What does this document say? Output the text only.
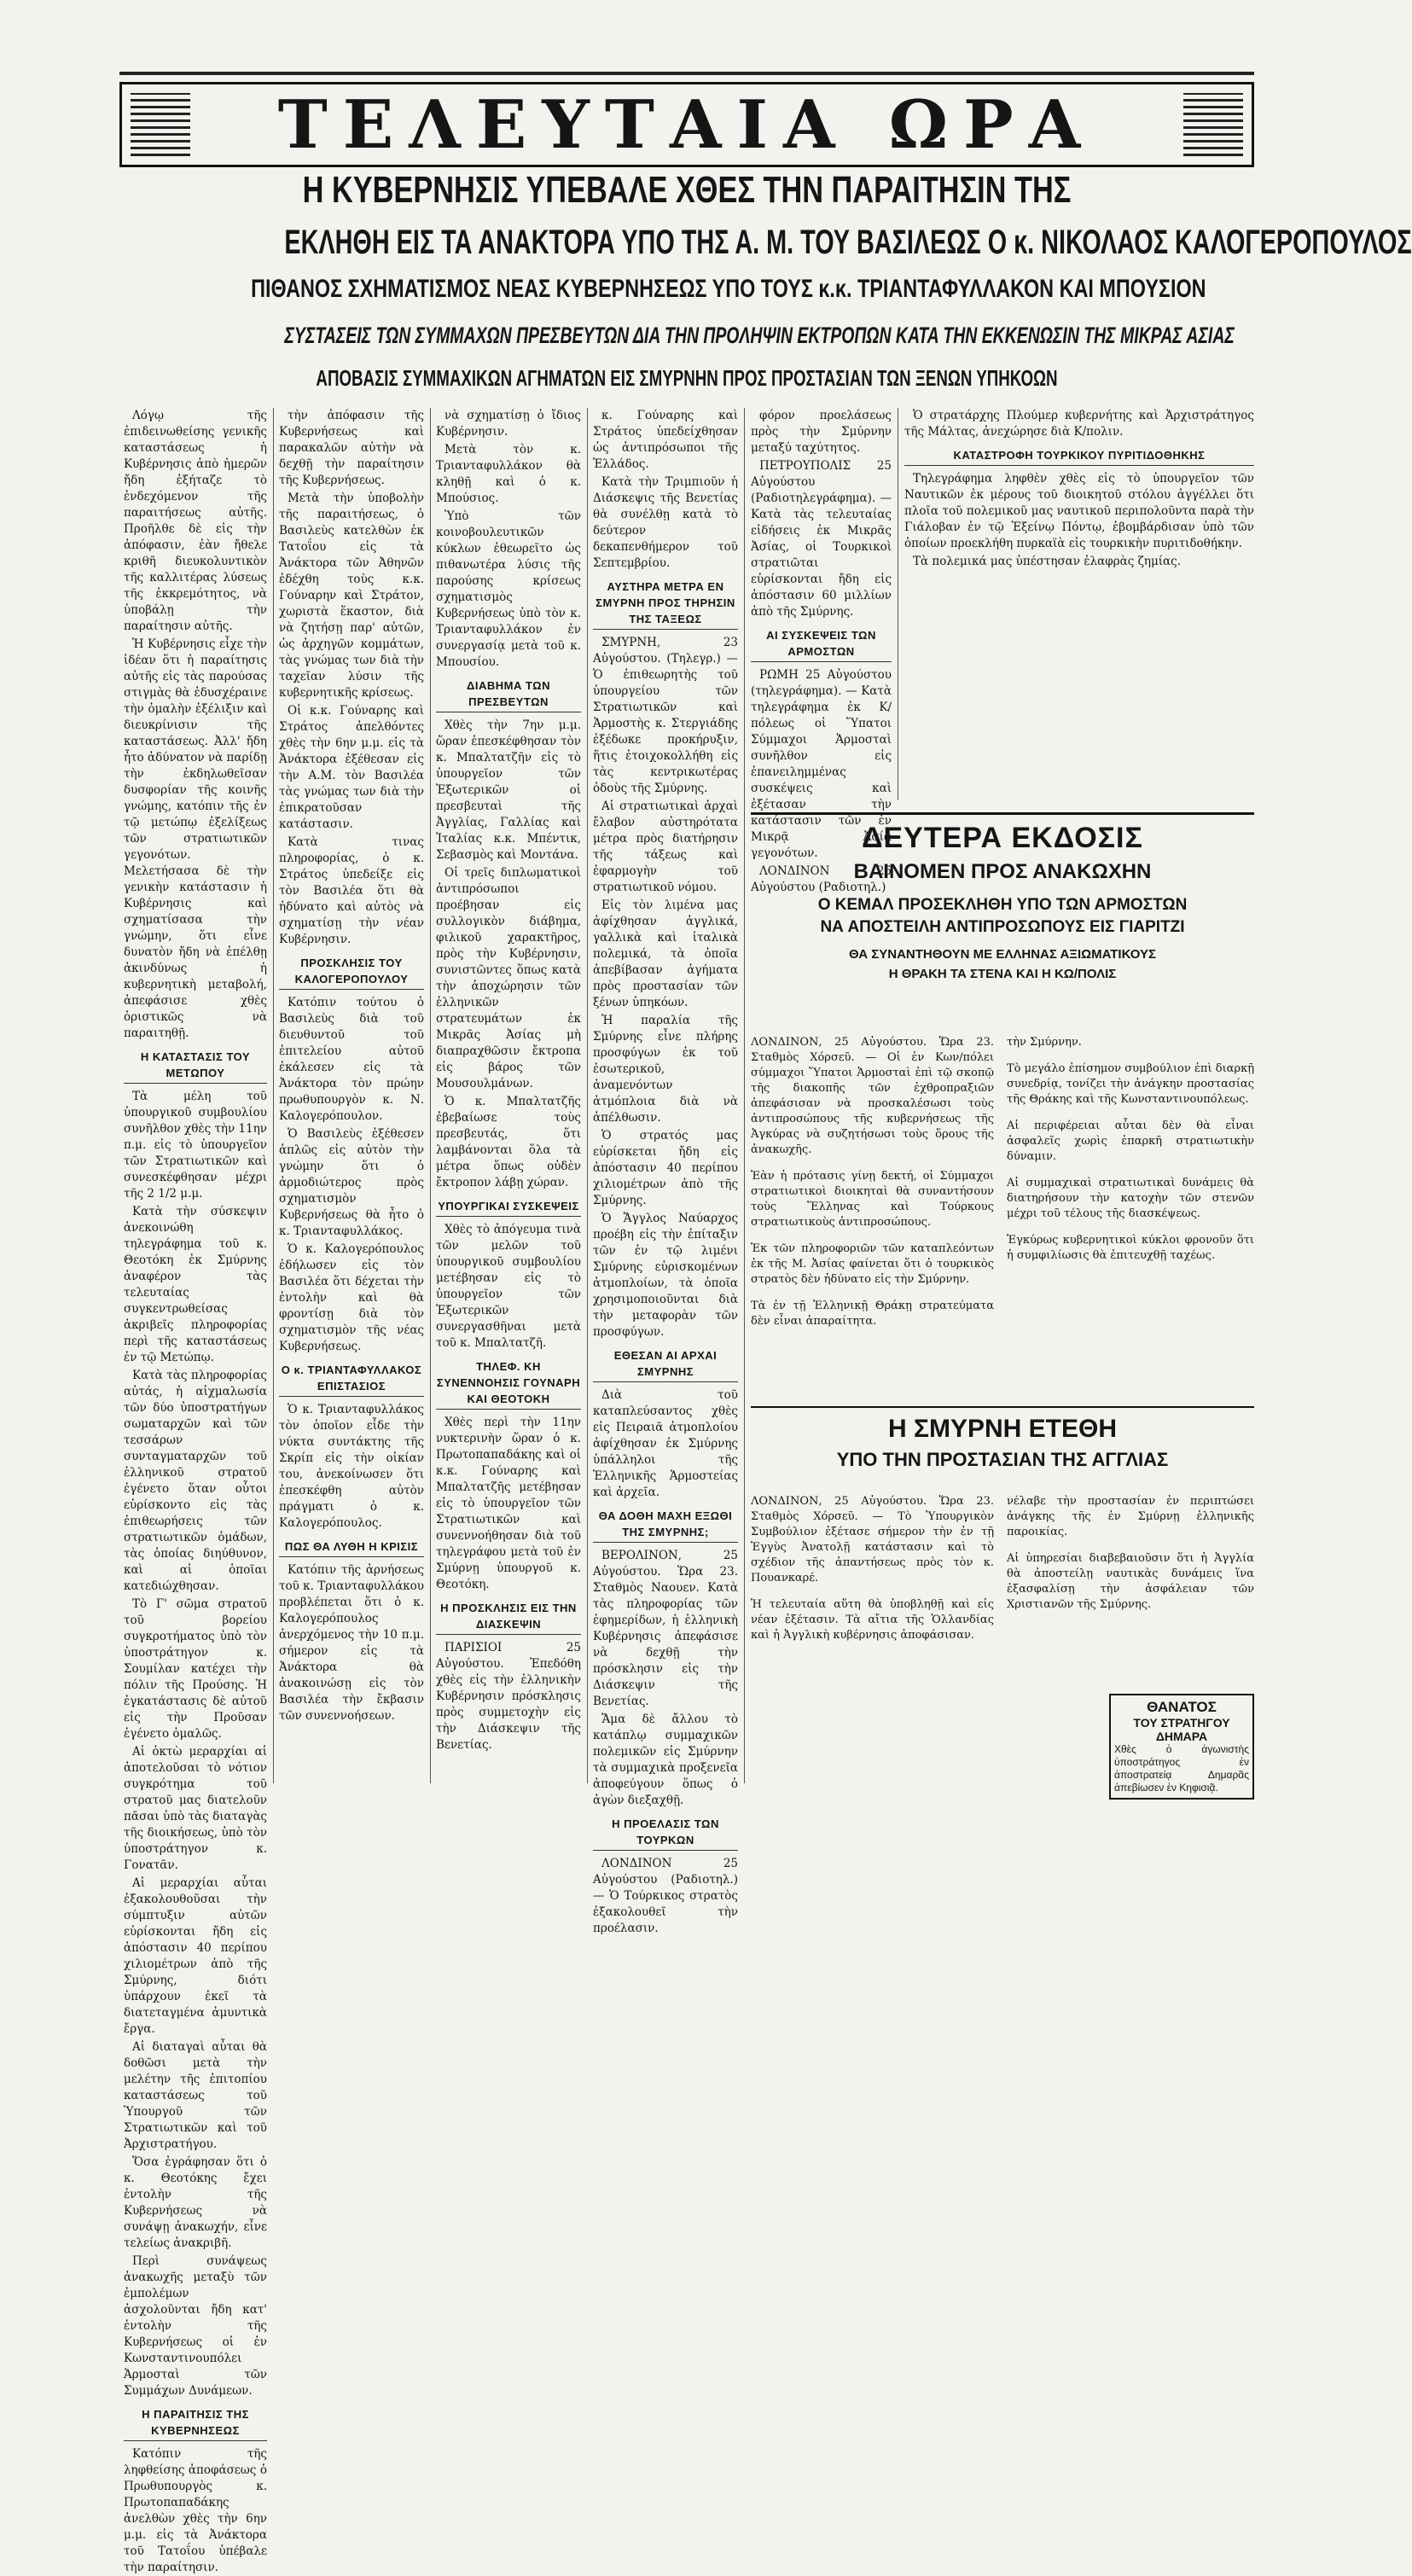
ΤΕΛΕΥΤΑΙΑ ΩΡΑ
Η ΚΥΒΕΡΝΗΣΙΣ ΥΠΕΒΑΛΕ ΧΘΕΣ ΤΗΝ ΠΑΡΑΙΤΗΣΙΝ ΤΗΣ
ΕΚΛΗΘΗ ΕΙΣ ΤΑ ΑΝΑΚΤΟΡΑ ΥΠΟ ΤΗΣ Α. Μ. ΤΟΥ ΒΑΣΙΛΕΩΣ Ο κ. ΝΙΚΟΛΑΟΣ ΚΑΛΟΓΕΡΟΠΟΥΛΟΣ
ΠΙΘΑΝΟΣ ΣΧΗΜΑΤΙΣΜΟΣ ΝΕΑΣ ΚΥΒΕΡΝΗΣΕΩΣ ΥΠΟ ΤΟΥΣ κ.κ. ΤΡΙΑΝΤΑΦΥΛΛΑΚΟΝ ΚΑΙ ΜΠΟΥΣΙΟΝ
ΣΥΣΤΑΣΕΙΣ ΤΩΝ ΣΥΜΜΑΧΩΝ ΠΡΕΣΒΕΥΤΩΝ ΔΙΑ ΤΗΝ ΠΡΟΛΗΨΙΝ ΕΚΤΡΟΠΩΝ ΚΑΤΑ ΤΗΝ ΕΚΚΕΝΩΣΙΝ ΤΗΣ ΜΙΚΡΑΣ ΑΣΙΑΣ
ΑΠΟΒΑΣΙΣ ΣΥΜΜΑΧΙΚΩΝ ΑΓΗΜΑΤΩΝ ΕΙΣ ΣΜΥΡΝΗΝ ΠΡΟΣ ΠΡΟΣΤΑΣΙΑΝ ΤΩΝ ΞΕΝΩΝ ΥΠΗΚΟΩΝ

Λόγῳ τῆς ἐπιδεινωθείσης γενικῆς καταστάσεως ἡ Κυβέρνησις ἀπὸ ἡμερῶν ἤδη ἐξήταζε τὸ ἐνδεχόμενον τῆς παραιτήσεως αὐτῆς. Προῆλθε δὲ εἰς τὴν ἀπόφασιν, ἐὰν ἤθελε κριθῆ διευκολυντικὸν τῆς καλλιτέρας λύσεως τῆς ἐκκρεμότητος, νὰ ὑποβάλῃ τὴν παραίτησιν αὐτῆς.

Ἡ Κυβέρνησις εἶχε τὴν ἰδέαν ὅτι ἡ παραίτησις αὐτῆς εἰς τὰς παρούσας στιγμὰς θὰ ἐδυσχέραινε τὴν ὁμαλὴν ἐξέλιξιν καὶ διευκρίνισιν τῆς καταστάσεως. Ἀλλ' ἤδη ἦτο ἀδύνατον νὰ παρίδῃ τὴν ἐκδηλωθεῖσαν δυσφορίαν τῆς κοινῆς γνώμης, κατόπιν τῆς ἐν τῷ μετώπῳ ἐξελίξεως τῶν στρατιωτικῶν γεγονότων. Μελετήσασα δὲ τὴν γενικὴν κατάστασιν ἡ Κυβέρνησις καὶ σχηματίσασα τὴν γνώμην, ὅτι εἶνε δυνατὸν ἤδη νὰ ἐπέλθῃ ἀκινδύνως ἡ κυβερνητικὴ μεταβολή, ἀπεφάσισε χθὲς ὁριστικῶς νὰ παραιτηθῇ.

Η ΚΑΤΑΣΤΑΣΙΣ ΤΟΥ ΜΕΤΩΠΟΥ

Τὰ μέλη τοῦ ὑπουργικοῦ συμβουλίου συνῆλθον χθὲς τὴν 11ην π.μ. εἰς τὸ ὑπουργεῖον τῶν Στρατιωτικῶν καὶ συνεσκέφθησαν μέχρι τῆς 2 1/2 μ.μ.

Κατὰ τὴν σύσκεψιν ἀνεκοινώθη τηλεγράφημα τοῦ κ. Θεοτόκη ἐκ Σμύρνης ἀναφέρον τὰς τελευταίας συγκεντρωθείσας ἀκριβεῖς πληροφορίας περὶ τῆς καταστάσεως ἐν τῷ Μετώπῳ.

Κατὰ τὰς πληροφορίας αὐτάς, ἡ αἰχμαλωσία τῶν δύο ὑποστρατήγων σωματαρχῶν καὶ τῶν τεσσάρων συνταγματαρχῶν τοῦ ἑλληνικοῦ στρατοῦ ἐγένετο ὅταν οὗτοι εὑρίσκοντο εἰς τὰς ἐπιθεωρήσεις τῶν στρατιωτικῶν ὁμάδων, τὰς ὁποίας διηύθυνον, καὶ αἱ ὁποῖαι κατεδιώχθησαν.

Τὸ Γ' σῶμα στρατοῦ τοῦ βορείου συγκροτήματος ὑπὸ τὸν ὑποστράτηγον κ. Σουμίλαν κατέχει τὴν πόλιν τῆς Προύσης. Ἡ ἐγκατάστασις δὲ αὐτοῦ εἰς τὴν Προῦσαν ἐγένετο ὁμαλῶς.

Αἱ ὀκτὼ μεραρχίαι αἱ ἀποτελοῦσαι τὸ νότιον συγκρότημα τοῦ στρατοῦ μας διατελοῦν πᾶσαι ὑπὸ τὰς διαταγὰς τῆς διοικήσεως, ὑπὸ τὸν ὑποστράτηγον κ. Γονατᾶν.

Αἱ μεραρχίαι αὗται ἐξακολουθοῦσαι τὴν σύμπτυξιν αὐτῶν εὑρίσκονται ἤδη εἰς ἀπόστασιν 40 περίπου χιλιομέτρων ἀπὸ τῆς Σμύρνης, διότι ὑπάρχουν ἐκεῖ τὰ διατεταγμένα ἀμυντικὰ ἔργα.

Αἱ διαταγαὶ αὗται θὰ δοθῶσι μετὰ τὴν μελέτην τῆς ἐπιτοπίου καταστάσεως τοῦ Ὑπουργοῦ τῶν Στρατιωτικῶν καὶ τοῦ Ἀρχιστρατήγου.

Ὅσα ἐγράφησαν ὅτι ὁ κ. Θεοτόκης ἔχει ἐντολὴν τῆς Κυβερνήσεως νὰ συνάψῃ ἀνακωχήν, εἶνε τελείως ἀνακριβῆ.

Περὶ συνάψεως ἀνακωχῆς μεταξὺ τῶν ἐμπολέμων ἀσχολοῦνται ἤδη κατ' ἐντολὴν τῆς Κυβερνήσεως οἱ ἐν Κωνσταντινουπόλει Ἁρμοσταὶ τῶν Συμμάχων Δυνάμεων.

Η ΠΑΡΑΙΤΗΣΙΣ ΤΗΣ ΚΥΒΕΡΝΗΣΕΩΣ

Κατόπιν τῆς ληφθείσης ἀποφάσεως ὁ Πρωθυπουργὸς κ. Πρωτοπαπαδάκης ἀνελθὼν χθὲς τὴν 6ην μ.μ. εἰς τὰ Ἀνάκτορα τοῦ Τατοΐου ὑπέβαλε τὴν παραίτησιν.

τὴν ἀπόφασιν τῆς Κυβερνήσεως καὶ παρακαλῶν αὐτὴν νὰ δεχθῇ τὴν παραίτησιν τῆς Κυβερνήσεως.

Μετὰ τὴν ὑποβολὴν τῆς παραιτήσεως, ὁ Βασιλεὺς κατελθὼν ἐκ Τατοΐου εἰς τὰ Ἀνάκτορα τῶν Ἀθηνῶν ἐδέχθη τοὺς κ.κ. Γούναρην καὶ Στράτον, χωριστὰ ἕκαστον, διὰ νὰ ζητήσῃ παρ' αὐτῶν, ὡς ἀρχηγῶν κομμάτων, τὰς γνώμας των διὰ τὴν ταχεῖαν λύσιν τῆς κυβερνητικῆς κρίσεως.

Οἱ κ.κ. Γούναρης καὶ Στράτος ἀπελθόντες χθὲς τὴν 6ην μ.μ. εἰς τὰ Ἀνάκτορα ἐξέθεσαν εἰς τὴν Α.Μ. τὸν Βασιλέα τὰς γνώμας των διὰ τὴν ἐπικρατοῦσαν κατάστασιν.

Κατὰ τινας πληροφορίας, ὁ κ. Στράτος ὑπεδείξε εἰς τὸν Βασιλέα ὅτι θὰ ἠδύνατο καὶ αὐτὸς νὰ σχηματίσῃ τὴν νέαν Κυβέρνησιν.

ΠΡΟΣΚΛΗΣΙΣ ΤΟΥ ΚΑΛΟΓΕΡΟΠΟΥΛΟΥ

Κατόπιν τούτου ὁ Βασιλεὺς διὰ τοῦ διευθυντοῦ τοῦ ἐπιτελείου αὐτοῦ ἐκάλεσεν εἰς τὰ Ἀνάκτορα τὸν πρώην πρωθυπουργὸν κ. Ν. Καλογερόπουλον.

Ὁ Βασιλεὺς ἐξέθεσεν ἁπλῶς εἰς αὐτὸν τὴν γνώμην ὅτι ὁ ἀρμοδιώτερος πρὸς σχηματισμὸν Κυβερνήσεως θὰ ἦτο ὁ κ. Τριανταφυλλάκος.

Ὁ κ. Καλογερόπουλος ἐδήλωσεν εἰς τὸν Βασιλέα ὅτι δέχεται τὴν ἐντολὴν καὶ θὰ φροντίσῃ διὰ τὸν σχηματισμὸν τῆς νέας Κυβερνήσεως.

Ο κ. ΤΡΙΑΝΤΑΦΥΛΛΑΚΟΣ ΕΠΙΣΤΑΣΙΟΣ

Ὁ κ. Τριανταφυλλάκος τὸν ὁποῖον εἶδε τὴν νύκτα συντάκτης τῆς Σκρίπ εἰς τὴν οἰκίαν του, ἀνεκοίνωσεν ὅτι ἐπεσκέφθη αὐτὸν πράγματι ὁ κ. Καλογερόπουλος.

ΠΩΣ ΘΑ ΛΥΘΗ Η ΚΡΙΣΙΣ

Κατόπιν τῆς ἀρνήσεως τοῦ κ. Τριανταφυλλάκου προβλέπεται ὅτι ὁ κ. Καλογερόπουλος ἀνερχόμενος τὴν 10 π.μ. σήμερον εἰς τὰ Ἀνάκτορα θὰ ἀνακοινώσῃ εἰς τὸν Βασιλέα τὴν ἔκβασιν τῶν συνεννοήσεων.

νὰ σχηματίσῃ ὁ ἴδιος Κυβέρνησιν.

Μετὰ τὸν κ. Τριανταφυλλάκον θὰ κληθῇ καὶ ὁ κ. Μπούσιος.

Ὑπὸ τῶν κοινοβουλευτικῶν κύκλων ἐθεωρεῖτο ὡς πιθανωτέρα λύσις τῆς παρούσης κρίσεως σχηματισμὸς Κυβερνήσεως ὑπὸ τὸν κ. Τριανταφυλλάκον ἐν συνεργασίᾳ μετὰ τοῦ κ. Μπουσίου.

ΔΙΑΒΗΜΑ ΤΩΝ ΠΡΕΣΒΕΥΤΩΝ

Χθὲς τὴν 7ην μ.μ. ὥραν ἐπεσκέφθησαν τὸν κ. Μπαλτατζῆν εἰς τὸ ὑπουργεῖον τῶν Ἐξωτερικῶν οἱ πρεσβευταὶ τῆς Ἀγγλίας, Γαλλίας καὶ Ἰταλίας κ.κ. Μπέντικ, Σεβασμὸς καὶ Μοντάνα.

Οἱ τρεῖς διπλωματικοὶ ἀντιπρόσωποι προέβησαν εἰς συλλογικὸν διάβημα, φιλικοῦ χαρακτῆρος, πρὸς τὴν Κυβέρνησιν, συνιστῶντες ὅπως κατὰ τὴν ἀποχώρησιν τῶν ἑλληνικῶν στρατευμάτων ἐκ Μικρᾶς Ἀσίας μὴ διαπραχθῶσιν ἔκτροπα εἰς βάρος τῶν Μουσουλμάνων.

Ὁ κ. Μπαλτατζῆς ἐβεβαίωσε τοὺς πρεσβευτάς, ὅτι λαμβάνονται ὅλα τὰ μέτρα ὅπως οὐδὲν ἔκτροπον λάβῃ χώραν.

ΥΠΟΥΡΓΙΚΑΙ ΣΥΣΚΕΨΕΙΣ

Χθὲς τὸ ἀπόγευμα τινὰ τῶν μελῶν τοῦ ὑπουργικοῦ συμβουλίου μετέβησαν εἰς τὸ ὑπουργεῖον τῶν Ἐξωτερικῶν συνεργασθῆναι μετὰ τοῦ κ. Μπαλτατζῆ.

ΤΗΛΕΦ. ΚΗ ΣΥΝΕΝΝΟΗΣΙΣ ΓΟΥΝΑΡΗ ΚΑΙ ΘΕΟΤΟΚΗ

Χθὲς περὶ τὴν 11ην νυκτερινὴν ὥραν ὁ κ. Πρωτοπαπαδάκης καὶ οἱ κ.κ. Γούναρης καὶ Μπαλτατζῆς μετέβησαν εἰς τὸ ὑπουργεῖον τῶν Στρατιωτικῶν καὶ συνεννοήθησαν διὰ τοῦ τηλεγράφου μετὰ τοῦ ἐν Σμύρνῃ ὑπουργοῦ κ. Θεοτόκη.

Η ΠΡΟΣΚΛΗΣΙΣ ΕΙΣ ΤΗΝ ΔΙΑΣΚΕΨΙΝ

ΠΑΡΙΣΙΟΙ 25 Αὐγούστου. Ἐπεδόθη χθὲς εἰς τὴν ἑλληνικὴν Κυβέρνησιν πρόσκλησις πρὸς συμμετοχὴν εἰς τὴν Διάσκεψιν τῆς Βενετίας.

κ. Γούναρης καὶ Στράτος ὑπεδείχθησαν ὡς ἀντιπρόσωποι τῆς Ἑλλάδος.

Κατὰ τὴν Τριμπιοῦν ἡ Διάσκεψις τῆς Βενετίας θὰ συνέλθῃ κατὰ τὸ δεύτερον δεκαπενθήμερον τοῦ Σεπτεμβρίου.

ΑΥΣΤΗΡΑ ΜΕΤΡΑ ΕΝ ΣΜΥΡΝΗ ΠΡΟΣ ΤΗΡΗΣΙΝ ΤΗΣ ΤΑΞΕΩΣ

ΣΜΥΡΝΗ, 23 Αὐγούστου. (Τηλεγρ.) — Ὁ ἐπιθεωρητὴς τοῦ ὑπουργείου τῶν Στρατιωτικῶν καὶ Ἁρμοστὴς κ. Στεργιάδης ἐξέδωκε προκήρυξιν, ἥτις ἐτοιχοκολλήθη εἰς τὰς κεντρικωτέρας ὁδοὺς τῆς Σμύρνης.

Αἱ στρατιωτικαὶ ἀρχαὶ ἔλαβον αὐστηρότατα μέτρα πρὸς διατήρησιν τῆς τάξεως καὶ ἐφαρμογὴν τοῦ στρατιωτικοῦ νόμου.

Εἰς τὸν λιμένα μας ἀφίχθησαν ἀγγλικά, γαλλικὰ καὶ ἰταλικὰ πολεμικά, τὰ ὁποῖα ἀπεβίβασαν ἀγήματα πρὸς προστασίαν τῶν ξένων ὑπηκόων.

Ἡ παραλία τῆς Σμύρνης εἶνε πλήρης προσφύγων ἐκ τοῦ ἐσωτερικοῦ, ἀναμενόντων ἀτμόπλοια διὰ νὰ ἀπέλθωσιν.

Ὁ στρατός μας εὑρίσκεται ἤδη εἰς ἀπόστασιν 40 περίπου χιλιομέτρων ἀπὸ τῆς Σμύρνης.

Ὁ Ἄγγλος Ναύαρχος προέβη εἰς τὴν ἐπίταξιν τῶν ἐν τῷ λιμένι Σμύρνης εὑρισκομένων ἀτμοπλοίων, τὰ ὁποῖα χρησιμοποιοῦνται διὰ τὴν μεταφορὰν τῶν προσφύγων.

ΕΘΕΣΑΝ ΑΙ ΑΡΧΑΙ ΣΜΥΡΝΗΣ

Διὰ τοῦ καταπλεύσαντος χθὲς εἰς Πειραιᾶ ἀτμοπλοίου ἀφίχθησαν ἐκ Σμύρνης ὑπάλληλοι τῆς Ἑλληνικῆς Ἁρμοστείας καὶ ἀρχεῖα.

ΘΑ ΔΟΘΗ ΜΑΧΗ ΕΞΩΘΙ ΤΗΣ ΣΜΥΡΝΗΣ;

ΒΕΡΟΛΙΝΟΝ, 25 Αὐγούστου. Ὥρα 23. Σταθμὸς Ναουεν. Κατὰ τὰς πληροφορίας τῶν ἐφημερίδων, ἡ ἑλληνικὴ Κυβέρνησις ἀπεφάσισε νὰ δεχθῇ τὴν πρόσκλησιν εἰς τὴν Διάσκεψιν τῆς Βενετίας.

Ἅμα δὲ ἄλλου τὸ κατάπλῳ συμμαχικῶν πολεμικῶν εἰς Σμύρνην τὰ συμμαχικὰ προξενεῖα ἀποφεύγουν ὅπως ὁ ἀγὼν διεξαχθῇ.

Η ΠΡΟΕΛΑΣΙΣ ΤΩΝ ΤΟΥΡΚΩΝ

ΛΟΝΔΙΝΟΝ 25 Αὐγούστου (Ραδιοτηλ.) — Ὁ Τούρκικος στρατὸς ἐξακολουθεῖ τὴν προέλασιν.

φόρον προελάσεως πρὸς τὴν Σμύρνην μεταξύ ταχύτητος.

ΠΕΤΡΟΥΠΟΛΙΣ 25 Αὐγούστου (Ραδιοτηλεγράφημα). — Κατὰ τὰς τελευταίας εἰδήσεις ἐκ Μικρᾶς Ἀσίας, οἱ Τουρκικοὶ στρατιῶται εὑρίσκονται ἤδη εἰς ἀπόστασιν 60 μιλλίων ἀπὸ τῆς Σμύρνης.

ΑΙ ΣΥΣΚΕΨΕΙΣ ΤΩΝ ΑΡΜΟΣΤΩΝ

ΡΩΜΗ 25 Αὐγούστου (τηλεγράφημα). — Κατὰ τηλεγράφημα ἐκ Κ/πόλεως οἱ Ὕπατοι Σύμμαχοι Ἁρμοσταὶ συνῆλθον εἰς ἐπανειλημμένας συσκέψεις καὶ ἐξέτασαν τὴν κατάστασιν τῶν ἐν Μικρᾷ Ἀσίᾳ γεγονότων.

ΛΟΝΔΙΝΟΝ 25 Αὐγούστου (Ραδιοτηλ.)

Ὁ στρατάρχης Πλούμερ κυβερνήτης καὶ Ἀρχιστράτηγος τῆς Μάλτας, ἀνεχώρησε διὰ Κ/πολιν.

ΚΑΤΑΣΤΡΟΦΗ ΤΟΥΡΚΙΚΟΥ ΠΥΡΙΤΙΔΟΘΗΚΗΣ

Τηλεγράφημα ληφθὲν χθὲς εἰς τὸ ὑπουργεῖον τῶν Ναυτικῶν ἐκ μέρους τοῦ διοικητοῦ στόλου ἀγγέλλει ὅτι πλοῖα τοῦ πολεμικοῦ μας ναυτικοῦ περιπολοῦντα παρὰ τὴν Γιάλοβαν ἐν τῷ Ἐξείνῳ Πόντῳ, ἐβομβάρδισαν ὑπὸ τῶν ὁποίων προεκλήθη πυρκαϊὰ εἰς τουρκικὴν πυριτιδοθήκην.

Τὰ πολεμικά μας ὑπέστησαν ἐλαφρὰς ζημίας.

ΔΕΥΤΕΡΑ ΕΚΔΟΣΙΣ
ΒΑΙΝΟΜΕΝ ΠΡΟΣ ΑΝΑΚΩΧΗΝ
Ο ΚΕΜΑΛ ΠΡΟΣΕΚΛΗΘΗ ΥΠΟ ΤΩΝ ΑΡΜΟΣΤΩΝ
ΝΑ ΑΠΟΣΤΕΙΛΗ ΑΝΤΙΠΡΟΣΩΠΟΥΣ ΕΙΣ ΓΙΑΡΙΤΖΙ
ΘΑ ΣΥΝΑΝΤΗΘΟΥΝ ΜΕ ΕΛΛΗΝΑΣ ΑΞΙΩΜΑΤΙΚΟΥΣ
Η ΘΡΑΚΗ ΤΑ ΣΤΕΝΑ ΚΑΙ Η ΚΩ/ΠΟΛΙΣ

ΛΟΝΔΙΝΟΝ, 25 Αὐγούστου. Ὥρα 23. Σταθμὸς Χόρσεῦ. — Οἱ ἐν Κων/πόλει σύμμαχοι Ὕπατοι Ἁρμοσταὶ ἐπὶ τῷ σκοπῷ τῆς διακοπῆς τῶν ἐχθροπραξιῶν ἀπεφάσισαν νὰ προσκαλέσωσι τοὺς ἀντιπροσώπους τῆς κυβερνήσεως τῆς Ἀγκύρας νὰ συζητήσωσι τοὺς ὅρους τῆς ἀνακωχῆς.

Ἐὰν ἡ πρότασις γίνῃ δεκτή, οἱ Σύμμαχοι στρατιωτικοὶ διοικηταὶ θὰ συναντήσουν τοὺς Ἕλληνας καὶ Τούρκους στρατιωτικοὺς ἀντιπροσώπους.

Ἐκ τῶν πληροφοριῶν τῶν καταπλεόντων ἐκ τῆς Μ. Ἀσίας φαίνεται ὅτι ὁ τουρκικὸς στρατὸς δὲν ἠδύνατο εἰς τὴν Σμύρνην.

Τὰ ἐν τῇ Ἑλληνικῇ Θράκῃ στρατεύματα δὲν εἶναι ἀπαραίτητα.

τὴν Σμύρνην.

Τὸ μεγάλο ἐπίσημον συμβούλιον ἐπὶ διαρκῇ συνεδρίᾳ, τονίζει τὴν ἀνάγκην προστασίας τῆς Θράκης καὶ τῆς Κωνσταντινουπόλεως.

Αἱ περιφέρειαι αὗται δὲν θὰ εἶναι ἀσφαλεῖς χωρὶς ἐπαρκῆ στρατιωτικὴν δύναμιν.

Αἱ συμμαχικαὶ στρατιωτικαὶ δυνάμεις θὰ διατηρήσουν τὴν κατοχὴν τῶν στενῶν μέχρι τοῦ τέλους τῆς διασκέψεως.

Ἐγκύρως κυβερνητικοὶ κύκλοι φρονοῦν ὅτι ἡ συμφιλίωσις θὰ ἐπιτευχθῇ ταχέως.

Η ΣΜΥΡΝΗ ΕΤΕΘΗ
ΥΠΟ ΤΗΝ ΠΡΟΣΤΑΣΙΑΝ ΤΗΣ ΑΓΓΛΙΑΣ

ΛΟΝΔΙΝΟΝ, 25 Αὐγούστου. Ὥρα 23. Σταθμὸς Χόρσεῦ. — Τὸ Ὑπουργικὸν Συμβούλιον ἐξέτασε σήμερον τὴν ἐν τῇ Ἐγγὺς Ἀνατολῇ κατάστασιν καὶ τὸ σχέδιον τῆς ἀπαντήσεως πρὸς τὸν κ. Πουανκαρέ.

Ἡ τελευταία αὕτη θὰ ὑποβληθῇ καὶ εἰς νέαν ἐξέτασιν. Τὰ αἴτια τῆς Ὁλλανδίας καὶ ἡ Ἀγγλικὴ κυβέρνησις ἀποφάσισαν.

νέλαβε τὴν προστασίαν ἐν περιπτώσει ἀνάγκης τῆς ἐν Σμύρνῃ ἑλληνικῆς παροικίας.

Αἱ ὑπηρεσίαι διαβεβαιοῦσιν ὅτι ἡ Ἀγγλία θὰ ἀποστείλῃ ναυτικὰς δυνάμεις ἵνα ἐξασφαλίσῃ τὴν ἀσφάλειαν τῶν Χριστιανῶν τῆς Σμύρνης.

ΘΑΝΑΤΟΣ
ΤΟΥ ΣΤΡΑΤΗΓΟΥ ΔΗΜΑΡΑ
Χθὲς ὁ ἀγωνιστὴς ὑποστράτηγος ἐν ἀποστρατείᾳ Δημαρᾶς ἀπεβίωσεν ἐν Κηφισιᾷ.
